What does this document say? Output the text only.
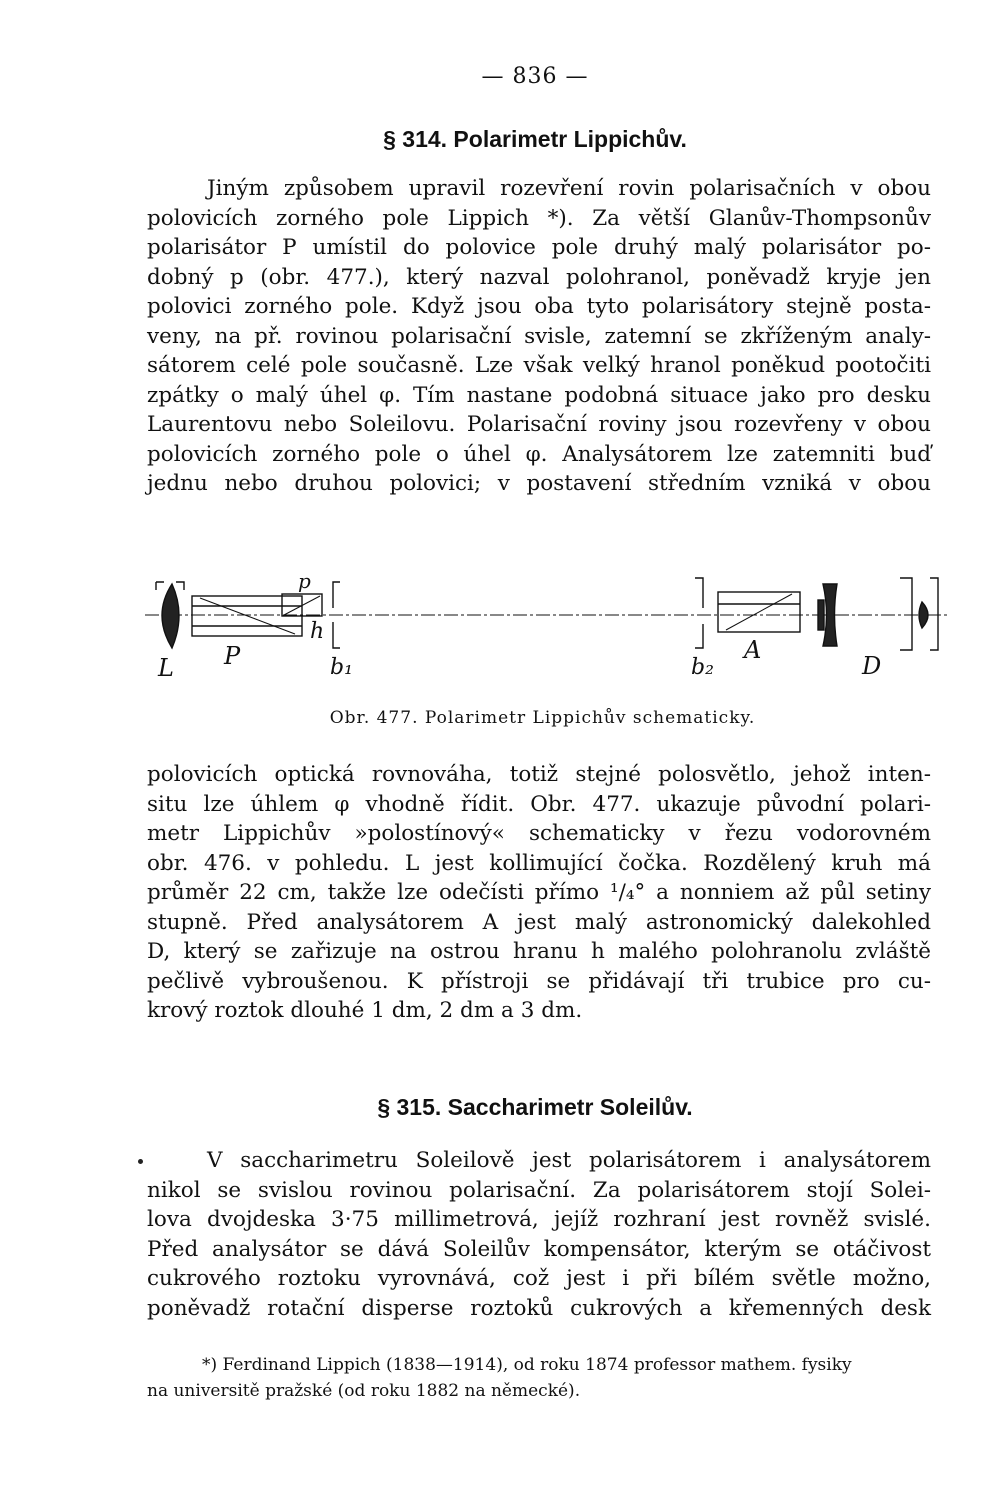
— 836 —
§ 314. Polarimetr Lippichův.
Jiným způsobem upravil rozevření rovin polarisačních v obou
polovicích zorného pole Lippich *). Za větší Glanův-Thompsonův
polarisátor P umístil do polovice pole druhý malý polarisátor po-
dobný p (obr. 477.), který nazval polohranol, poněvadž kryje jen
polovici zorného pole. Když jsou oba tyto polarisátory stejně posta-
veny, na př. rovinou polarisační svisle, zatemní se zkříženým analy-
sátorem celé pole současně. Lze však velký hranol poněkud pootočiti
zpátky o malý úhel φ. Tím nastane podobná situace jako pro desku
Laurentovu nebo Soleilovu. Polarisační roviny jsou rozevřeny v obou
polovicích zorného pole o úhel φ. Analysátorem lze zatemniti buď
jednu nebo druhou polovici; v postavení středním vzniká v obou
L P
p
h
b₁	b₂
A
D
Obr. 477. Polarimetr Lippichův schematicky.
polovicích optická rovnováha, totiž stejné polosvětlo, jehož inten-
situ lze úhlem φ vhodně řídit. Obr. 477. ukazuje původní polari-
metr Lippichův »polostínový« schematicky v řezu vodorovném
obr. 476. v pohledu. L jest kollimující čočka. Rozdělený kruh má
průměr 22 cm, takže lze odečísti přímo ¹/₄° a nonniem až půl setiny
stupně. Před analysátorem A jest malý astronomický dalekohled
D, který se zařizuje na ostrou hranu h malého polohranolu zvláště
pečlivě vybroušenou. K přístroji se přidávají tři trubice pro cu-
krový roztok dlouhé 1 dm, 2 dm a 3 dm.
§ 315. Saccharimetr Soleilův.
V saccharimetru Soleilově jest polarisátorem i analysátorem
nikol se svislou rovinou polarisační. Za polarisátorem stojí Solei-
lova dvojdeska 3·75 millimetrová, jejíž rozhraní jest rovněž svislé.
Před analysátor se dává Soleilův kompensátor, kterým se otáčivost
cukrového roztoku vyrovnává, což jest i při bílém světle možno,
poněvadž rotační disperse roztoků cukrových a křemenných desk
*) Ferdinand Lippich (1838—1914), od roku 1874 professor mathem. fysiky
na universitě pražské (od roku 1882 na německé).
